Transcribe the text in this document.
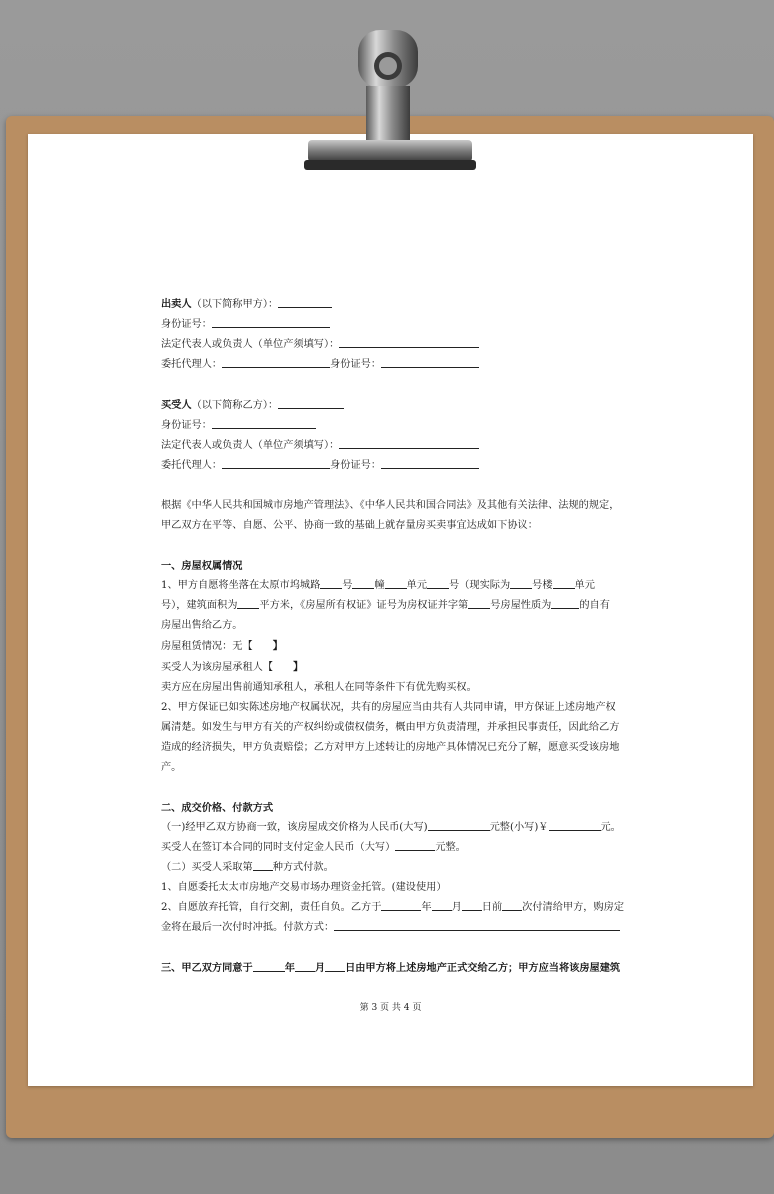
出卖人（以下简称甲方）：
身份证号：
法定代表人或负责人（单位产须填写）：
委托代理人：	身份证号：
买受人（以下简称乙方）：
身份证号：
法定代表人或负责人（单位产须填写）：
委托代理人：	身份证号：
根据《中华人民共和国城市房地产管理法》、《中华人民共和国合同法》及其他有关法律、法规的规定，
甲乙双方在平等、自愿、公平、协商一致的基础上就存量房买卖事宜达成如下协议：
一、房屋权属情况
1、甲方自愿将坐落在太原市坞城路 号 幢 单元 号（现实际为 号楼 单元
号），建筑面积为 平方米，《房屋所有权证》证号为房权证并字第 号房屋性质为	的自有
房屋出售给乙方。
房屋租赁情况：无【 】
买受人为该房屋承租人【 】
卖方应在房屋出售前通知承租人，承租人在同等条件下有优先购买权。
2、甲方保证已如实陈述房地产权属状况，共有的房屋应当由共有人共同申请，甲方保证上述房地产权
属清楚。如发生与甲方有关的产权纠纷或债权债务，概由甲方负责清理，并承担民事责任，因此给乙方
造成的经济损失，甲方负责赔偿；乙方对甲方上述转让的房地产具体情况已充分了解，愿意买受该房地
产。
二、成交价格、付款方式
（一)经甲乙双方协商一致，该房屋成交价格为人民币(大写)	元整(小写)￥	元。
买受人在签订本合同的同时支付定金人民币（大写）	元整。
（二）买受人采取第 种方式付款。
1、自愿委托太太市房地产交易市场办理资金托管。(建设使用）
2、自愿放弃托管，自行交割，责任自负。乙方于	年 月 日前 次付清给甲方，购房定
金将在最后一次付时冲抵。付款方式：
三、甲乙双方同意于	年 月 日由甲方将上述房地产正式交给乙方；甲方应当将该房屋建筑
第 3 页 共 4 页
